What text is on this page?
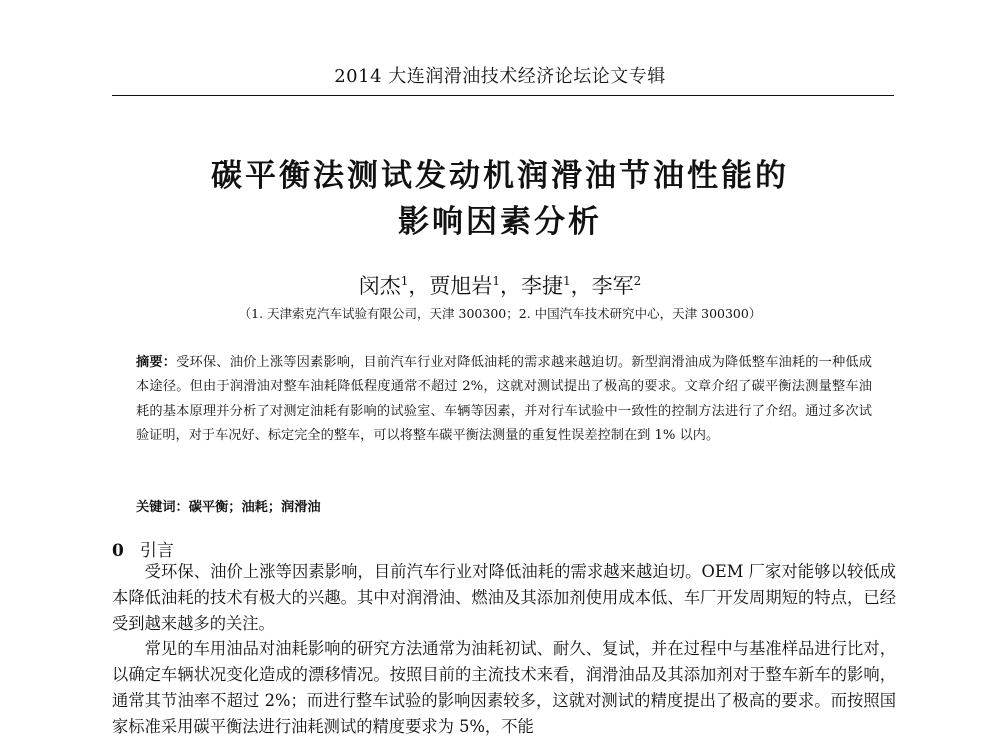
2014 大连润滑油技术经济论坛论文专辑
碳平衡法测试发动机润滑油节油性能的
影响因素分析
闵杰$^1$，贾旭岩$^1$，李捷$^1$，李军$^2$
（1. 天津索克汽车试验有限公司，天津 300300；2. 中国汽车技术研究中心，天津 300300）
摘要：受环保、油价上涨等因素影响，目前汽车行业对降低油耗的需求越来越迫切。新型润滑油成为降低整车油耗的一种低成本途径。但由于润滑油对整车油耗降低程度通常不超过 2%，这就对测试提出了极高的要求。文章介绍了碳平衡法测量整车油耗的基本原理并分析了对测定油耗有影响的试验室、车辆等因素，并对行车试验中一致性的控制方法进行了介绍。通过多次试验证明，对于车况好、标定完全的整车，可以将整车碳平衡法测量的重复性误差控制在到 1% 以内。
关键词：碳平衡；油耗；润滑油
0 引言

受环保、油价上涨等因素影响，目前汽车行业对降低油耗的需求越来越迫切。OEM 厂家对能够以较低成本降低油耗的技术有极大的兴趣。其中对润滑油、燃油及其添加剂使用成本低、车厂开发周期短的特点，已经受到越来越多的关注。

常见的车用油品对油耗影响的研究方法通常为油耗初试、耐久、复试，并在过程中与基准样品进行比对，以确定车辆状况变化造成的漂移情况。按照目前的主流技术来看，润滑油品及其添加剂对于整车新车的影响，通常其节油率不超过 2%；而进行整车试验的影响因素较多，这就对测试的精度提出了极高的要求。而按照国家标准采用碳平衡法进行油耗测试的精度要求为 5%，不能
